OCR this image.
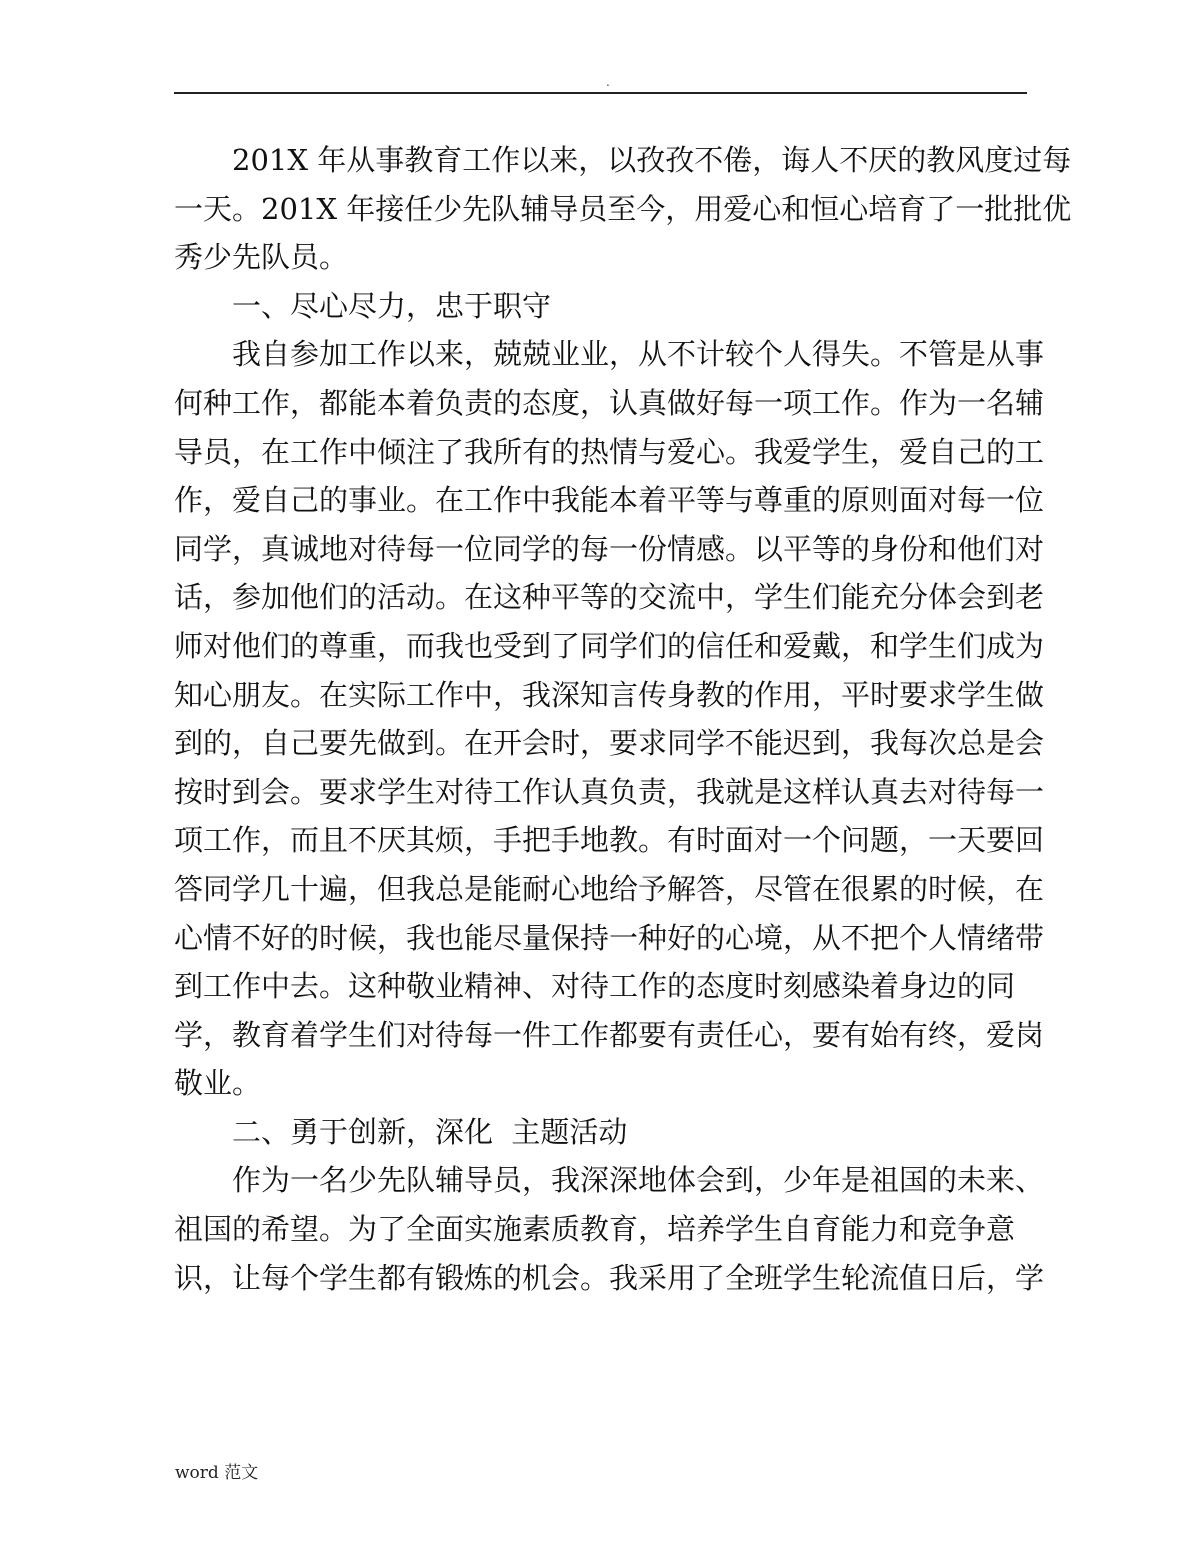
.
201X 年从事教育工作以来，以孜孜不倦，诲人不厌的教风度过每
一天。201X 年接任少先队辅导员至今，用爱心和恒心培育了一批批优
秀少先队员。
一、尽心尽力，忠于职守
我自参加工作以来，兢兢业业，从不计较个人得失。不管是从事
何种工作，都能本着负责的态度，认真做好每一项工作。作为一名辅
导员，在工作中倾注了我所有的热情与爱心。我爱学生，爱自己的工
作，爱自己的事业。在工作中我能本着平等与尊重的原则面对每一位
同学，真诚地对待每一位同学的每一份情感。以平等的身份和他们对
话，参加他们的活动。在这种平等的交流中，学生们能充分体会到老
师对他们的尊重，而我也受到了同学们的信任和爱戴，和学生们成为
知心朋友。在实际工作中，我深知言传身教的作用，平时要求学生做
到的，自己要先做到。在开会时，要求同学不能迟到，我每次总是会
按时到会。要求学生对待工作认真负责，我就是这样认真去对待每一
项工作，而且不厌其烦，手把手地教。有时面对一个问题，一天要回
答同学几十遍，但我总是能耐心地给予解答，尽管在很累的时候，在
心情不好的时候，我也能尽量保持一种好的心境，从不把个人情绪带
到工作中去。这种敬业精神、对待工作的态度时刻感染着身边的同
学，教育着学生们对待每一件工作都要有责任心，要有始有终，爱岗
敬业。
二、勇于创新，深化  主题活动
作为一名少先队辅导员，我深深地体会到，少年是祖国的未来、
祖国的希望。为了全面实施素质教育，培养学生自育能力和竞争意
识，让每个学生都有锻炼的机会。我采用了全班学生轮流值日后，学
word 范文
